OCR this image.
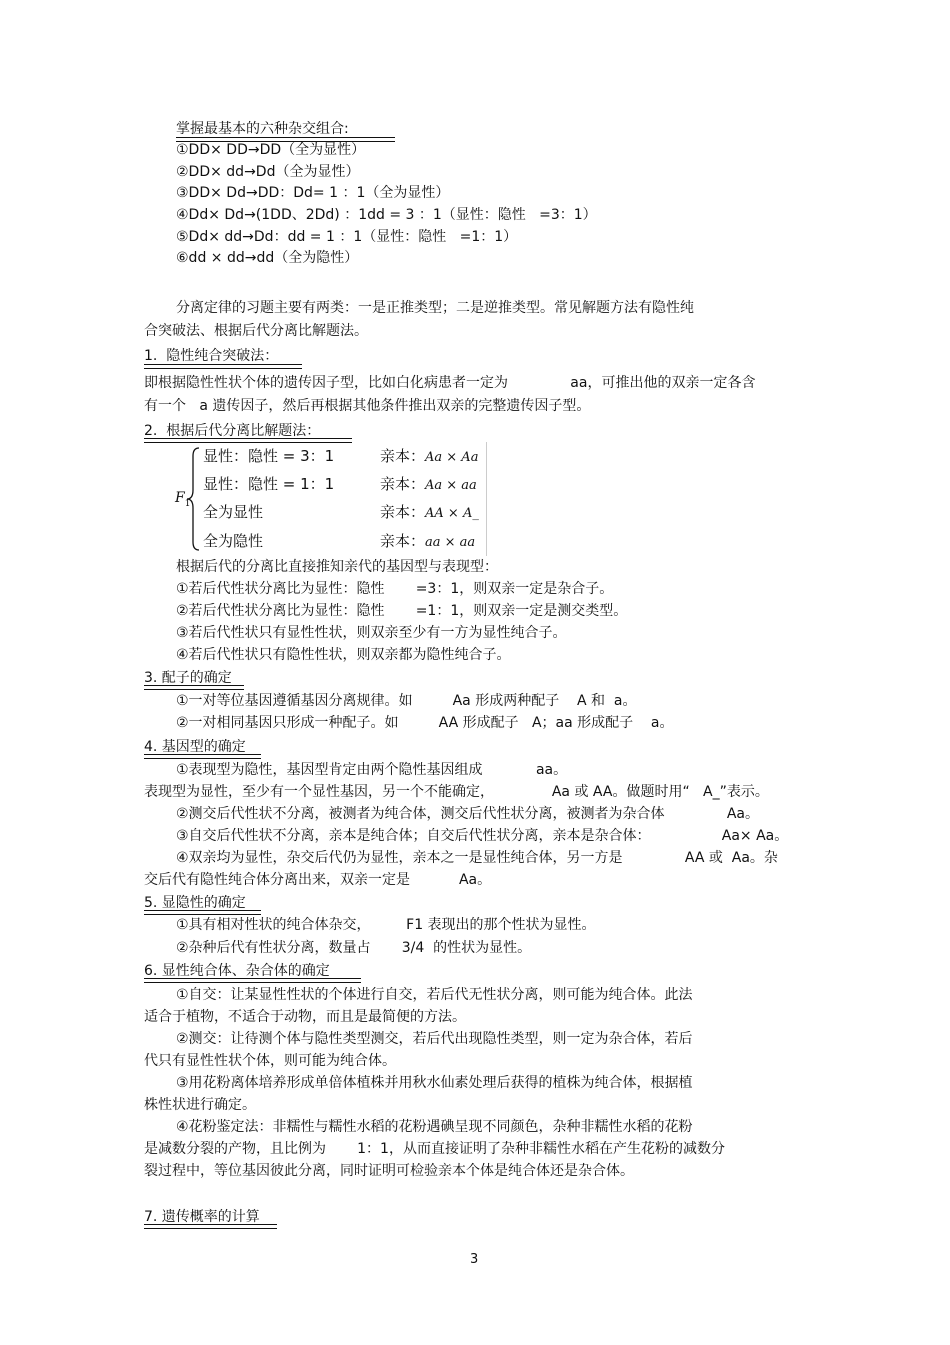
掌握最基本的六种杂交组合:
①DD× DD→DD（全为显性）
②DD× dd→Dd（全为显性）
③DD× Dd→DD：Dd= 1 ：1（全为显性）
④Dd× Dd→(1DD、2Dd) ：1dd = 3 ：1（显性：隐性   =3：1）
⑤Dd× dd→Dd：dd = 1 ：1（显性：隐性   =1：1）
⑥dd × dd→dd（全为隐性）
分离定律的习题主要有两类：一是正推类型；二是逆推类型。常见解题方法有隐性纯
合突破法、根据后代分离比解题法。
1.  隐性纯合突破法：
即根据隐性性状个体的遗传因子型，比如白化病患者一定为              aa，可推出他的双亲一定各含
有一个   a 遗传因子，然后再根据其他条件推出双亲的完整遗传因子型。
2.  根据后代分离比解题法：
$F_1$
显性：隐性 = 3：1
显性：隐性 = 1：1
全为显性
全为隐性
亲本：Aa × Aa
亲本：Aa × aa
亲本：AA × A_
亲本：aa × aa
根据后代的分离比直接推知亲代的基因型与表现型：
①若后代性状分离比为显性：隐性       =3：1，则双亲一定是杂合子。
②若后代性状分离比为显性：隐性       =1：1，则双亲一定是测交类型。
③若后代性状只有显性性状，则双亲至少有一方为显性纯合子。
④若后代性状只有隐性性状，则双亲都为隐性纯合子。
3. 配子的确定
①一对等位基因遵循基因分离规律。如         Aa 形成两种配子    A 和  a。
②一对相同基因只形成一种配子。如         AA 形成配子   A；aa 形成配子    a。
4. 基因型的确定
①表现型为隐性，基因型肯定由两个隐性基因组成            aa。
表现型为显性，至少有一个显性基因，另一个不能确定，             Aa 或 AA。做题时用“   A_”表示。
②测交后代性状不分离，被测者为纯合体，测交后代性状分离，被测者为杂合体              Aa。
③自交后代性状不分离，亲本是纯合体；自交后代性状分离，亲本是杂合体：                Aa× Aa。
④双亲均为显性，杂交后代仍为显性，亲本之一是显性纯合体，另一方是              AA 或  Aa。杂
交后代有隐性纯合体分离出来，双亲一定是           Aa。
5. 显隐性的确定
①具有相对性状的纯合体杂交，        F1 表现出的那个性状为显性。
②杂种后代有性状分离，数量占       3/4  的性状为显性。
6. 显性纯合体、杂合体的确定
①自交：让某显性性状的个体进行自交，若后代无性状分离，则可能为纯合体。此法
适合于植物，不适合于动物，而且是最简便的方法。
②测交：让待测个体与隐性类型测交，若后代出现隐性类型，则一定为杂合体，若后
代只有显性性状个体，则可能为纯合体。
③用花粉离体培养形成单倍体植株并用秋水仙素处理后获得的植株为纯合体，根据植
株性状进行确定。
④花粉鉴定法：非糯性与糯性水稻的花粉遇碘呈现不同颜色，杂种非糯性水稻的花粉
是减数分裂的产物，且比例为       1：1，从而直接证明了杂种非糯性水稻在产生花粉的减数分
裂过程中，等位基因彼此分离，同时证明可检验亲本个体是纯合体还是杂合体。
7. 遗传概率的计算
3
